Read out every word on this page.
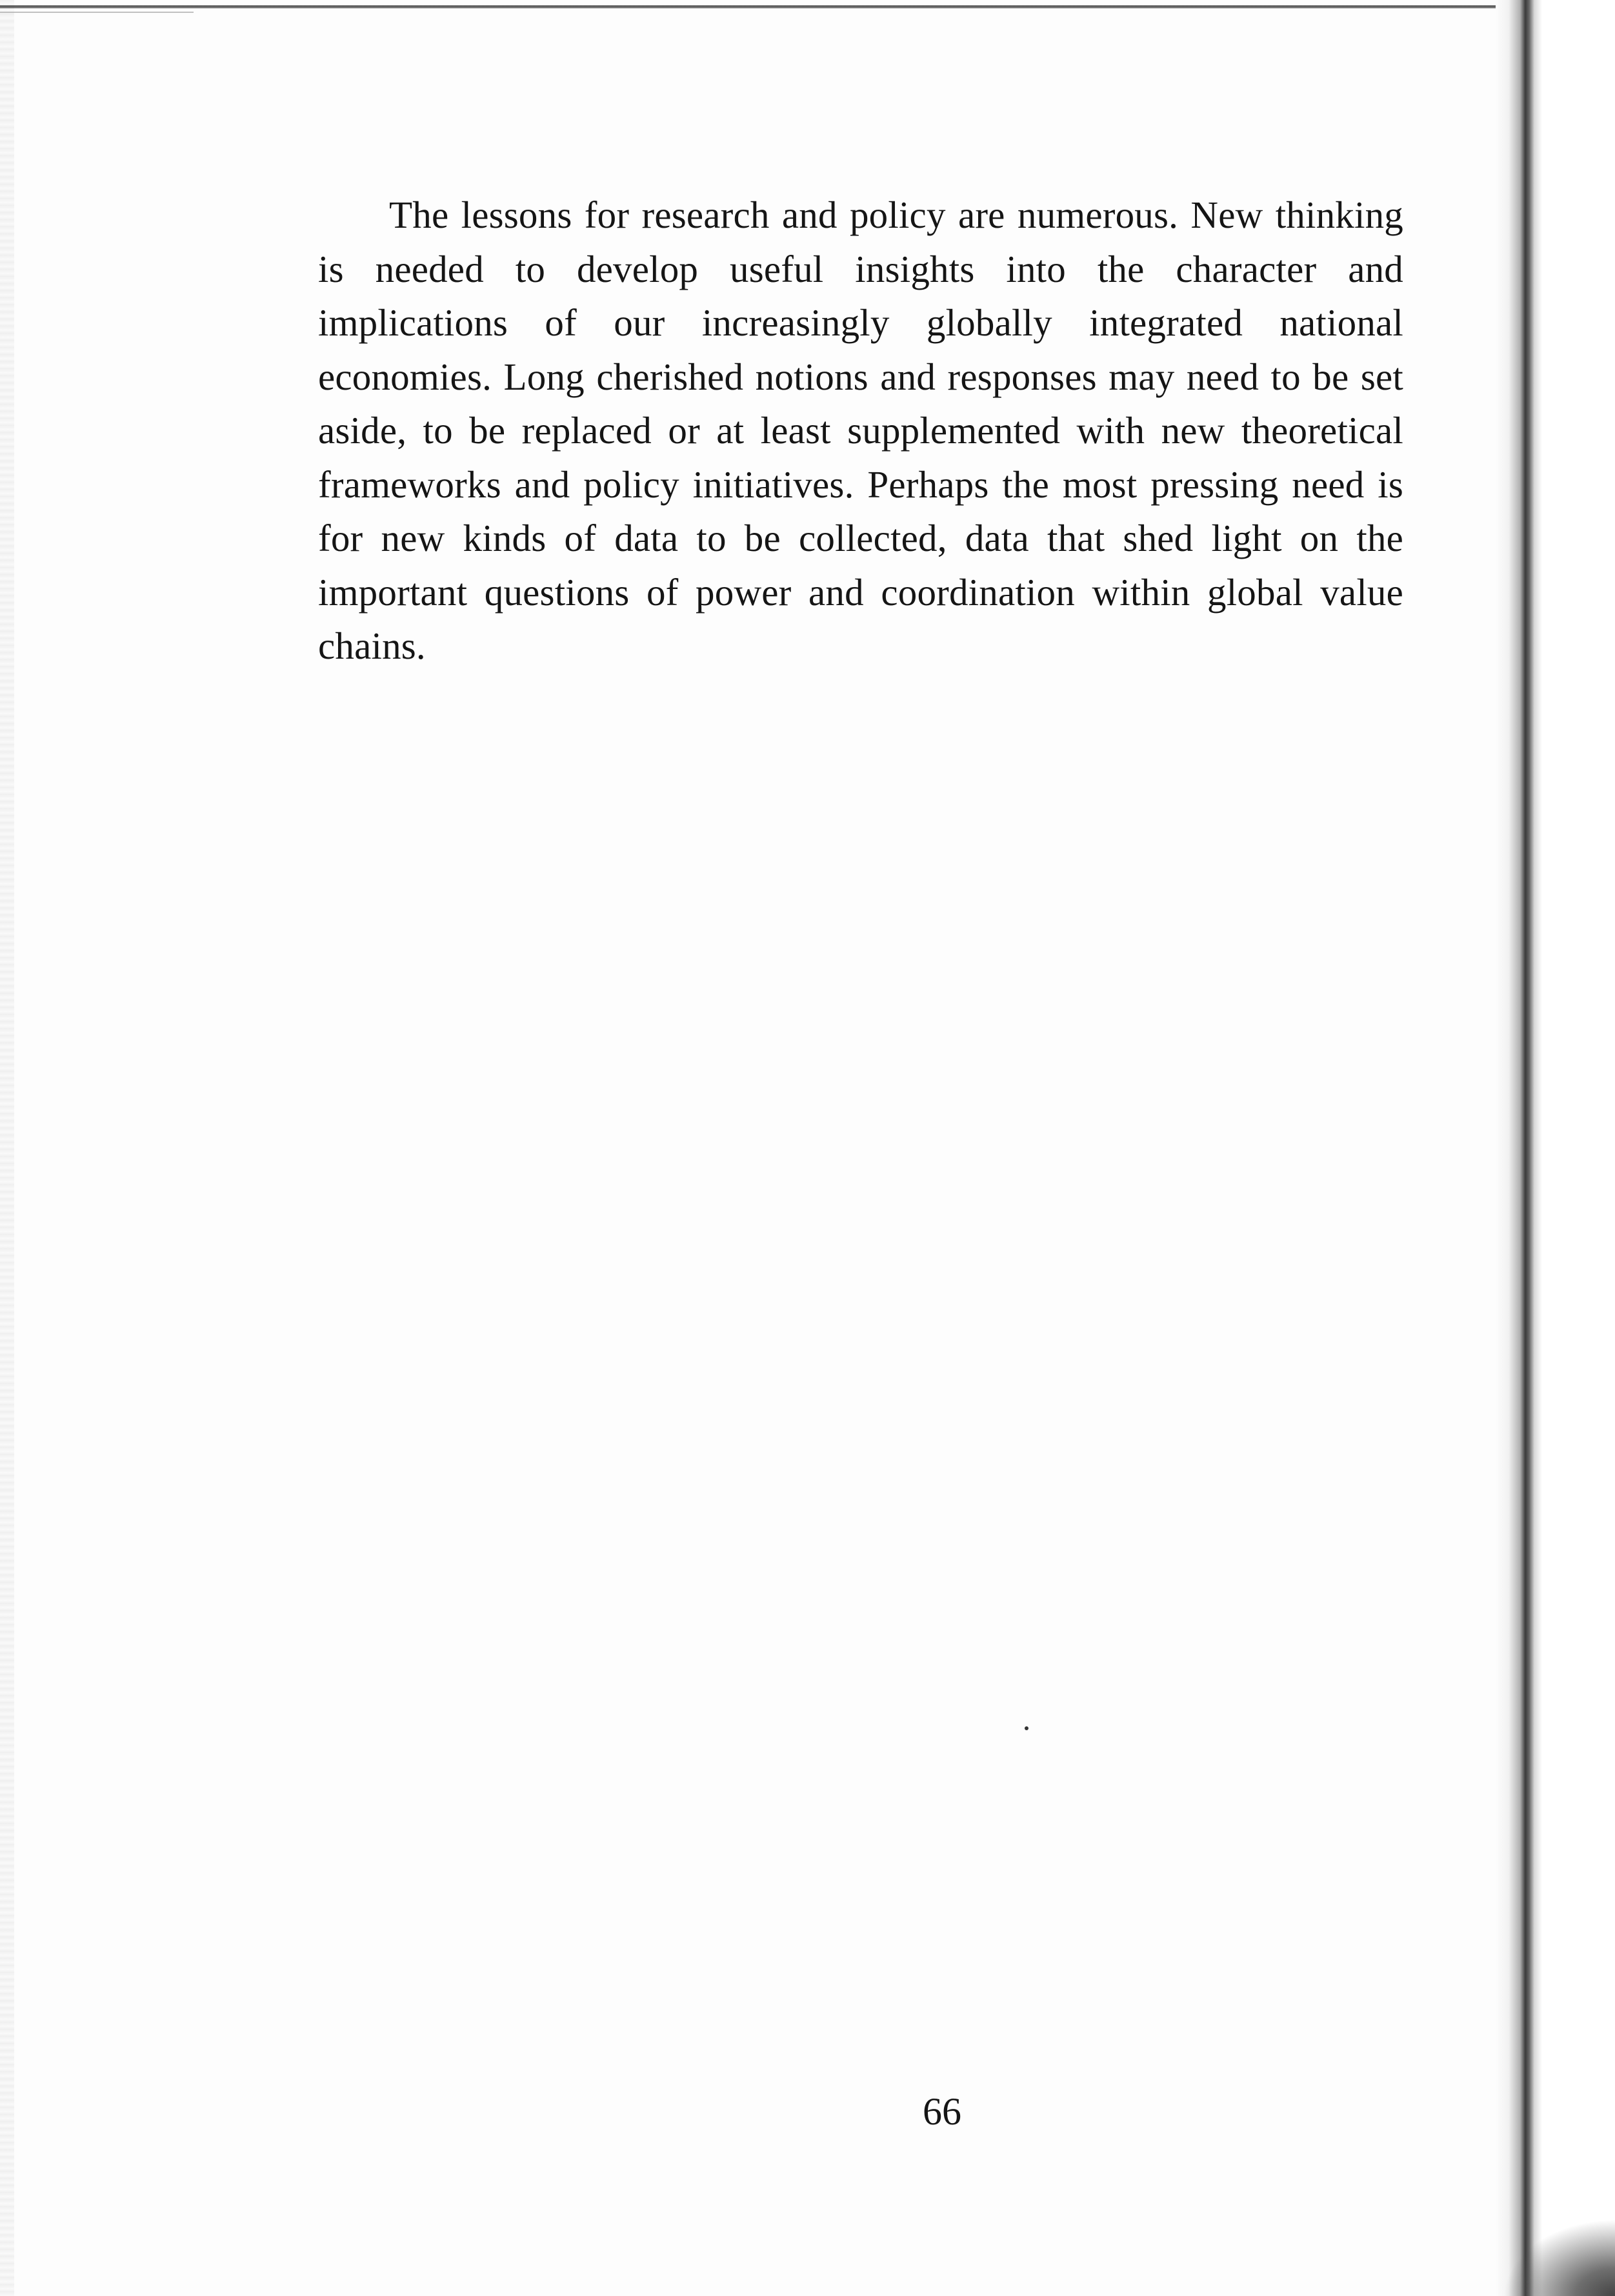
The lessons for research and policy are numerous. New thinking is needed to develop useful insights into the character and implications of our increasingly globally integrated national economies. Long cherished notions and responses may need to be set aside, to be replaced or at least supplemented with new theoretical frameworks and policy initiatives. Perhaps the most pressing need is for new kinds of data to be collected, data that shed light on the important questions of power and coordination within global value chains.

66
